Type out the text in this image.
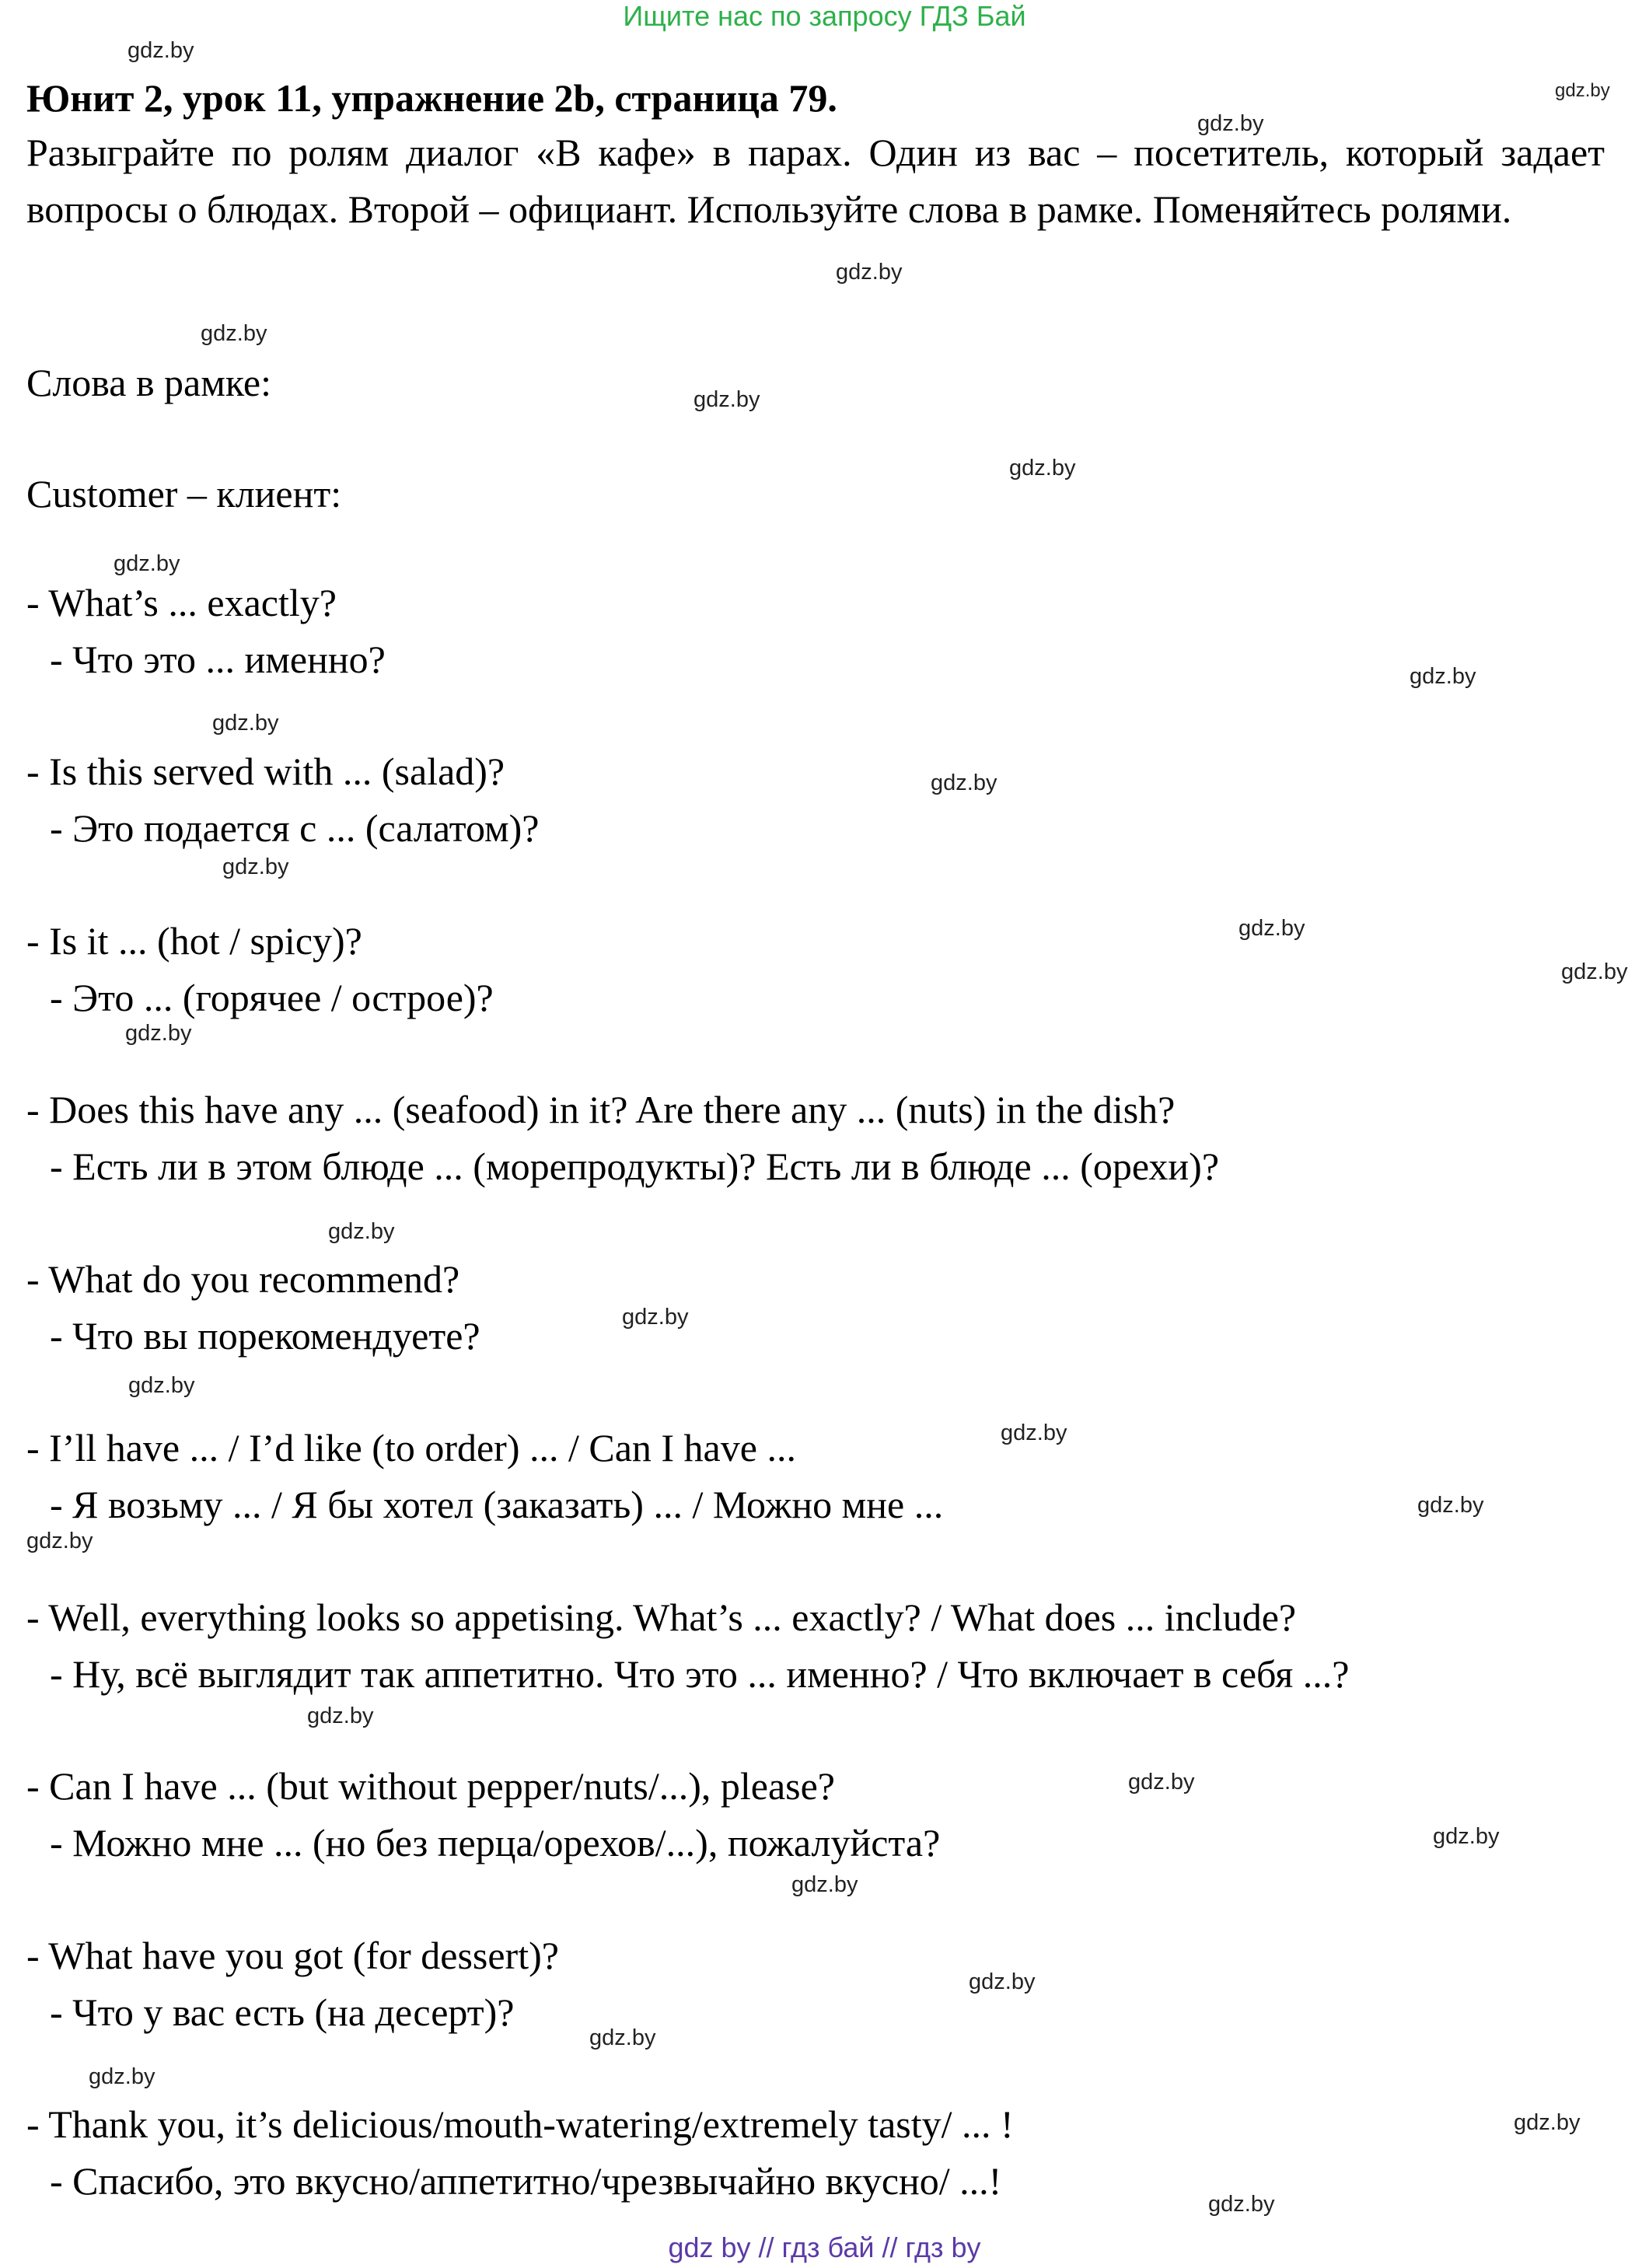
Ищите нас по запросу ГДЗ Бай
Юнит 2, урок 11, упражнение 2b, страница 79.
Разыграйте по ролям диалог «В кафе» в парах. Один из вас – посетитель, который задает вопросы о блюдах. Второй – официант. Используйте слова в рамке. Поменяйтесь ролями.
Слова в рамке:
Customer – клиент:
- What’s ... exactly?
- Что это ... именно?
- Is this served with ... (salad)?
- Это подается с ... (салатом)?
- Is it ... (hot / spicy)?
- Это ... (горячее / острое)?
- Does this have any ... (seafood) in it? Are there any ... (nuts) in the dish?
- Есть ли в этом блюде ... (морепродукты)? Есть ли в блюде ... (орехи)?
- What do you recommend?
- Что вы порекомендуете?
- I’ll have ... / I’d like (to order) ... / Can I have ...
- Я возьму ... / Я бы хотел (заказать) ... / Можно мне ...
- Well, everything looks so appetising. What’s ... exactly? / What does ... include?
- Ну, всё выглядит так аппетитно. Что это ... именно? / Что включает в себя ...?
- Can I have ... (but without pepper/nuts/...), please?
- Можно мне ... (но без перца/орехов/...), пожалуйста?
- What have you got (for dessert)?
- Что у вас есть (на десерт)?
- Thank you, it’s delicious/mouth-watering/extremely tasty/ ... !
- Спасибо, это вкусно/аппетитно/чрезвычайно вкусно/ ...!
gdz.by
gdz.by
gdz.by
gdz.by
gdz.by
gdz.by
gdz.by
gdz.by
gdz.by
gdz.by
gdz.by
gdz.by
gdz.by
gdz.by
gdz.by
gdz.by
gdz.by
gdz.by
gdz.by
gdz.by
gdz.by
gdz.by
gdz.by
gdz.by
gdz.by
gdz.by
gdz.by
gdz.by
gdz.by
gdz.by
gdz by // гдз бай // гдз by
